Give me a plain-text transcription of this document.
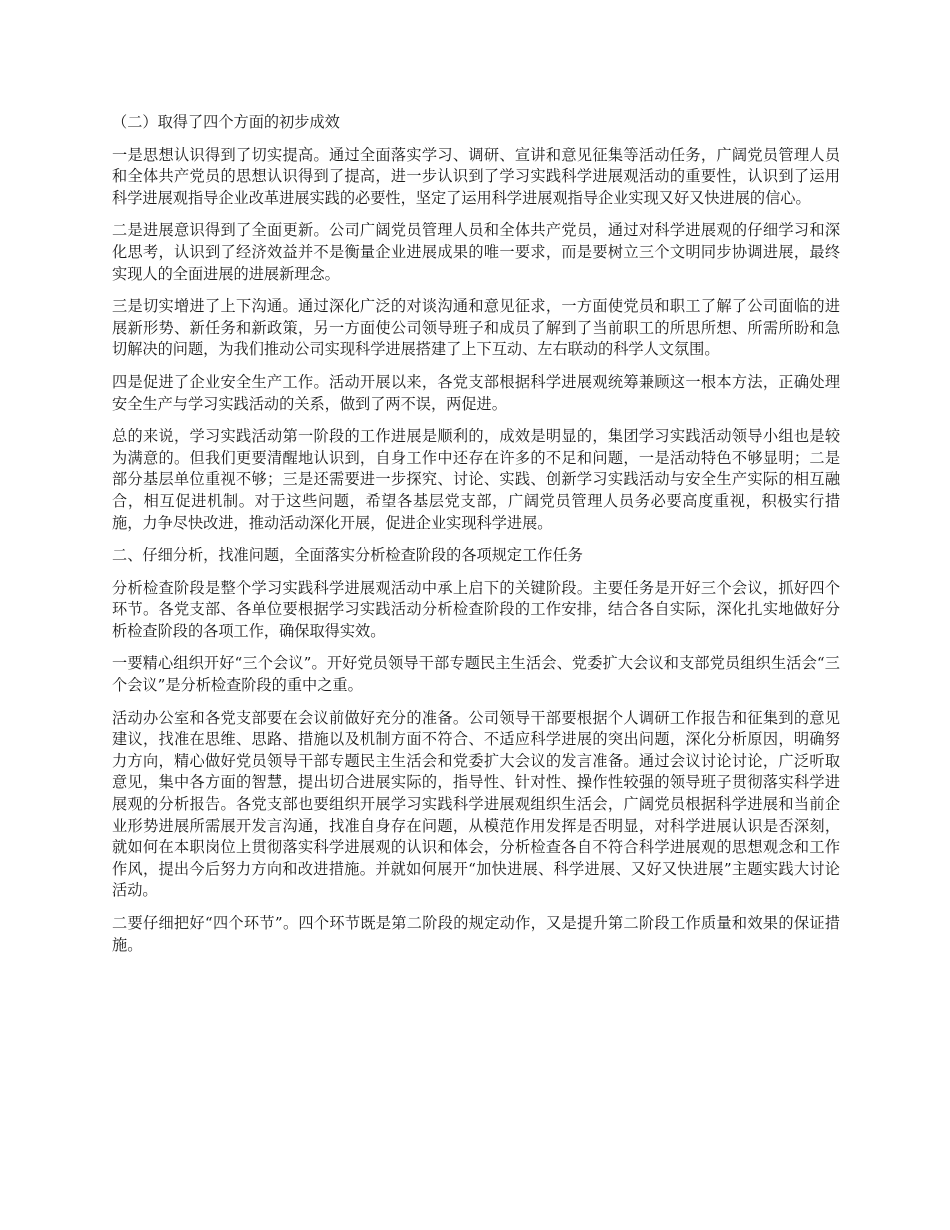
（二）取得了四个方面的初步成效

一是思想认识得到了切实提高。通过全面落实学习、调研、宣讲和意见征集等活动任务，广阔党员管理人员和全体共产党员的思想认识得到了提高，进一步认识到了学习实践科学进展观活动的重要性，认识到了运用科学进展观指导企业改革进展实践的必要性，坚定了运用科学进展观指导企业实现又好又快进展的信心。

二是进展意识得到了全面更新。公司广阔党员管理人员和全体共产党员，通过对科学进展观的仔细学习和深化思考，认识到了经济效益并不是衡量企业进展成果的唯一要求，而是要树立三个文明同步协调进展，最终实现人的全面进展的进展新理念。

三是切实增进了上下沟通。通过深化广泛的对谈沟通和意见征求，一方面使党员和职工了解了公司面临的进展新形势、新任务和新政策，另一方面使公司领导班子和成员了解到了当前职工的所思所想、所需所盼和急切解决的问题，为我们推动公司实现科学进展搭建了上下互动、左右联动的科学人文氛围。

四是促进了企业安全生产工作。活动开展以来，各党支部根据科学进展观统筹兼顾这一根本方法，正确处理安全生产与学习实践活动的关系，做到了两不误，两促进。

总的来说，学习实践活动第一阶段的工作进展是顺利的，成效是明显的，集团学习实践活动领导小组也是较为满意的。但我们更要清醒地认识到，自身工作中还存在许多的不足和问题，一是活动特色不够显明；二是部分基层单位重视不够；三是还需要进一步探究、讨论、实践、创新学习实践活动与安全生产实际的相互融合，相互促进机制。对于这些问题，希望各基层党支部，广阔党员管理人员务必要高度重视，积极实行措施，力争尽快改进，推动活动深化开展，促进企业实现科学进展。

二、仔细分析，找准问题，全面落实分析检查阶段的各项规定工作任务

分析检查阶段是整个学习实践科学进展观活动中承上启下的关键阶段。主要任务是开好三个会议，抓好四个环节。各党支部、各单位要根据学习实践活动分析检查阶段的工作安排，结合各自实际，深化扎实地做好分析检查阶段的各项工作，确保取得实效。

一要精心组织开好“三个会议”。开好党员领导干部专题民主生活会、党委扩大会议和支部党员组织生活会“三个会议”是分析检查阶段的重中之重。

活动办公室和各党支部要在会议前做好充分的准备。公司领导干部要根据个人调研工作报告和征集到的意见建议，找准在思维、思路、措施以及机制方面不符合、不适应科学进展的突出问题，深化分析原因，明确努力方向，精心做好党员领导干部专题民主生活会和党委扩大会议的发言准备。通过会议讨论讨论，广泛听取意见，集中各方面的智慧，提出切合进展实际的，指导性、针对性、操作性较强的领导班子贯彻落实科学进展观的分析报告。各党支部也要组织开展学习实践科学进展观组织生活会，广阔党员根据科学进展和当前企业形势进展所需展开发言沟通，找准自身存在问题，从模范作用发挥是否明显，对科学进展认识是否深刻，就如何在本职岗位上贯彻落实科学进展观的认识和体会，分析检查各自不符合科学进展观的思想观念和工作作风，提出今后努力方向和改进措施。并就如何展开“加快进展、科学进展、又好又快进展”主题实践大讨论活动。

二要仔细把好“四个环节”。四个环节既是第二阶段的规定动作，又是提升第二阶段工作质量和效果的保证措施。
